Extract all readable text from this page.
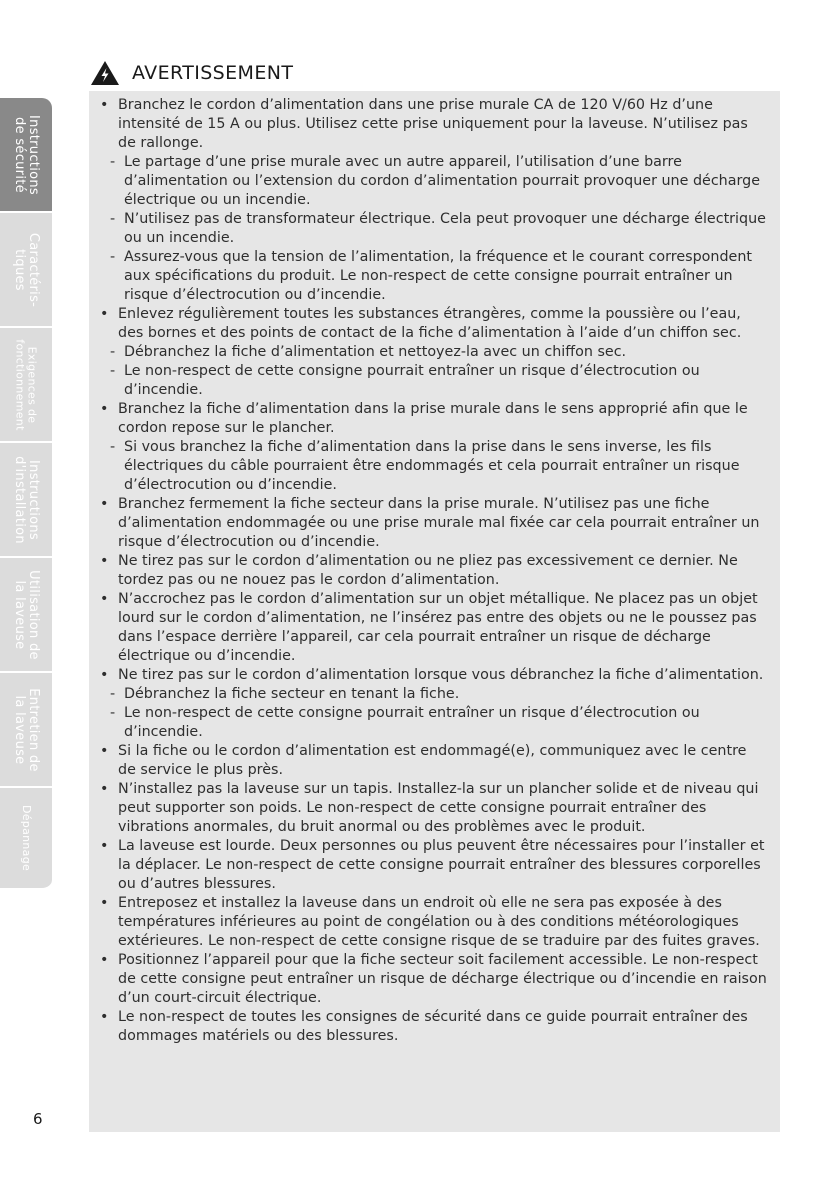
Instructions
de sécurité
Caractéris-
tiques
Exigences de
fonctionnement
Instructions
d'installation
Utilisation de
la laveuse
Entretien de
la laveuse
Dépannage
AVERTISSEMENT
• Branchez le cordon d’alimentation dans une prise murale CA de 120 V/60 Hz d’une intensité de 15 A ou plus. Utilisez cette prise uniquement pour la laveuse. N’utilisez pas de rallonge.
- Le partage d’une prise murale avec un autre appareil, l’utilisation d’une barre d’alimentation ou l’extension du cordon d’alimentation pourrait provoquer une décharge électrique ou un incendie.
- N’utilisez pas de transformateur électrique. Cela peut provoquer une décharge électrique ou un incendie.
- Assurez-vous que la tension de l’alimentation, la fréquence et le courant correspondent aux spécifications du produit. Le non-respect de cette consigne pourrait entraîner un risque d’électrocution ou d’incendie.
• Enlevez régulièrement toutes les substances étrangères, comme la poussière ou l’eau, des bornes et des points de contact de la fiche d’alimentation à l’aide d’un chiffon sec.
- Débranchez la fiche d’alimentation et nettoyez-la avec un chiffon sec.
- Le non-respect de cette consigne pourrait entraîner un risque d’électrocution ou d’incendie.
• Branchez la fiche d’alimentation dans la prise murale dans le sens approprié afin que le cordon repose sur le plancher.
- Si vous branchez la fiche d’alimentation dans la prise dans le sens inverse, les fils électriques du câble pourraient être endommagés et cela pourrait entraîner un risque d’électrocution ou d’incendie.
• Branchez fermement la fiche secteur dans la prise murale. N’utilisez pas une fiche d’alimentation endommagée ou une prise murale mal fixée car cela pourrait entraîner un risque d’électrocution ou d’incendie.
• Ne tirez pas sur le cordon d’alimentation ou ne pliez pas excessivement ce dernier. Ne tordez pas ou ne nouez pas le cordon d’alimentation.
• N’accrochez pas le cordon d’alimentation sur un objet métallique. Ne placez pas un objet lourd sur le cordon d’alimentation, ne l’insérez pas entre des objets ou ne le poussez pas dans l’espace derrière l’appareil, car cela pourrait entraîner un risque de décharge électrique ou d’incendie.
• Ne tirez pas sur le cordon d’alimentation lorsque vous débranchez la fiche d’alimentation.
- Débranchez la fiche secteur en tenant la fiche.
- Le non-respect de cette consigne pourrait entraîner un risque d’électrocution ou d’incendie.
• Si la fiche ou le cordon d’alimentation est endommagé(e), communiquez avec le centre de service le plus près.
• N’installez pas la laveuse sur un tapis. Installez-la sur un plancher solide et de niveau qui peut supporter son poids. Le non-respect de cette consigne pourrait entraîner des vibrations anormales, du bruit anormal ou des problèmes avec le produit.
• La laveuse est lourde. Deux personnes ou plus peuvent être nécessaires pour l’installer et la déplacer. Le non-respect de cette consigne pourrait entraîner des blessures corporelles ou d’autres blessures.
• Entreposez et installez la laveuse dans un endroit où elle ne sera pas exposée à des températures inférieures au point de congélation ou à des conditions météorologiques extérieures. Le non-respect de cette consigne risque de se traduire par des fuites graves.
• Positionnez l’appareil pour que la fiche secteur soit facilement accessible. Le non-respect de cette consigne peut entraîner un risque de décharge électrique ou d’incendie en raison d’un court-circuit électrique.
• Le non-respect de toutes les consignes de sécurité dans ce guide pourrait entraîner des dommages matériels ou des blessures.
6
